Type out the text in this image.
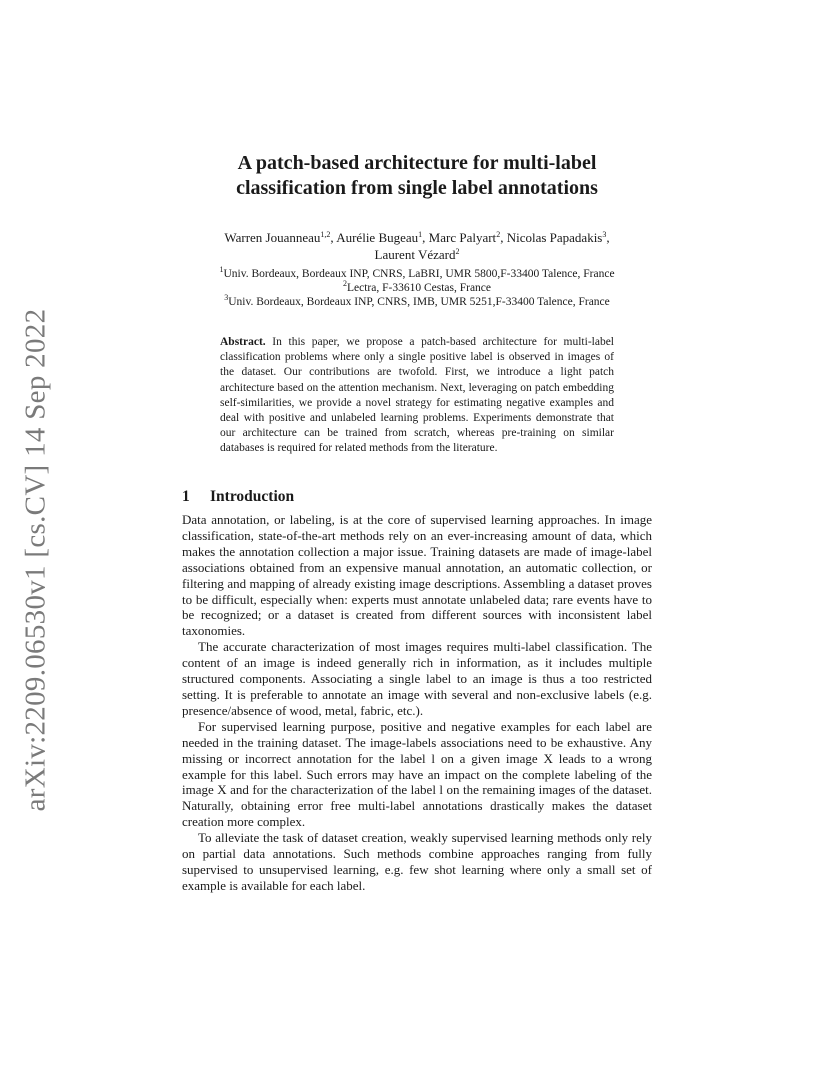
arXiv:2209.06530v1 [cs.CV] 14 Sep 2022
A patch-based architecture for multi-label
classification from single label annotations
Warren Jouanneau$^{1,2}$, Aurélie Bugeau$^1$, Marc Palyart$^2$, Nicolas Papadakis$^3$,
Laurent Vézard$^2$
$^1$Univ. Bordeaux, Bordeaux INP, CNRS, LaBRI, UMR 5800,F-33400 Talence, France
$^2$Lectra, F-33610 Cestas, France
$^3$Univ. Bordeaux, Bordeaux INP, CNRS, IMB, UMR 5251,F-33400 Talence, France
Abstract. In this paper, we propose a patch-based architecture for multi-label classification problems where only a single positive label is observed in images of the dataset. Our contributions are twofold. First, we introduce a light patch architecture based on the attention mechanism. Next, leveraging on patch embedding self-similarities, we provide a novel strategy for estimating negative examples and deal with positive and unlabeled learning problems. Experiments demonstrate that our architecture can be trained from scratch, whereas pre-training on similar databases is required for related methods from the literature.
1 Introduction

Data annotation, or labeling, is at the core of supervised learning approaches. In image classification, state-of-the-art methods rely on an ever-increasing amount of data, which makes the annotation collection a major issue. Training datasets are made of image-label associations obtained from an expensive manual annotation, an automatic collection, or filtering and mapping of already existing image descriptions. Assembling a dataset proves to be difficult, especially when: experts must annotate unlabeled data; rare events have to be recognized; or a dataset is created from different sources with inconsistent label taxonomies.

The accurate characterization of most images requires multi-label classification. The content of an image is indeed generally rich in information, as it includes multiple structured components. Associating a single label to an image is thus a too restricted setting. It is preferable to annotate an image with several and non-exclusive labels (e.g. presence/absence of wood, metal, fabric, etc.).

For supervised learning purpose, positive and negative examples for each label are needed in the training dataset. The image-labels associations need to be exhaustive. Any missing or incorrect annotation for the label l on a given image X leads to a wrong example for this label. Such errors may have an impact on the complete labeling of the image X and for the characterization of the label l on the remaining images of the dataset. Naturally, obtaining error free multi-label annotations drastically makes the dataset creation more complex.

To alleviate the task of dataset creation, weakly supervised learning methods only rely on partial data annotations. Such methods combine approaches ranging from fully supervised to unsupervised learning, e.g. few shot learning where only a small set of example is available for each label.
